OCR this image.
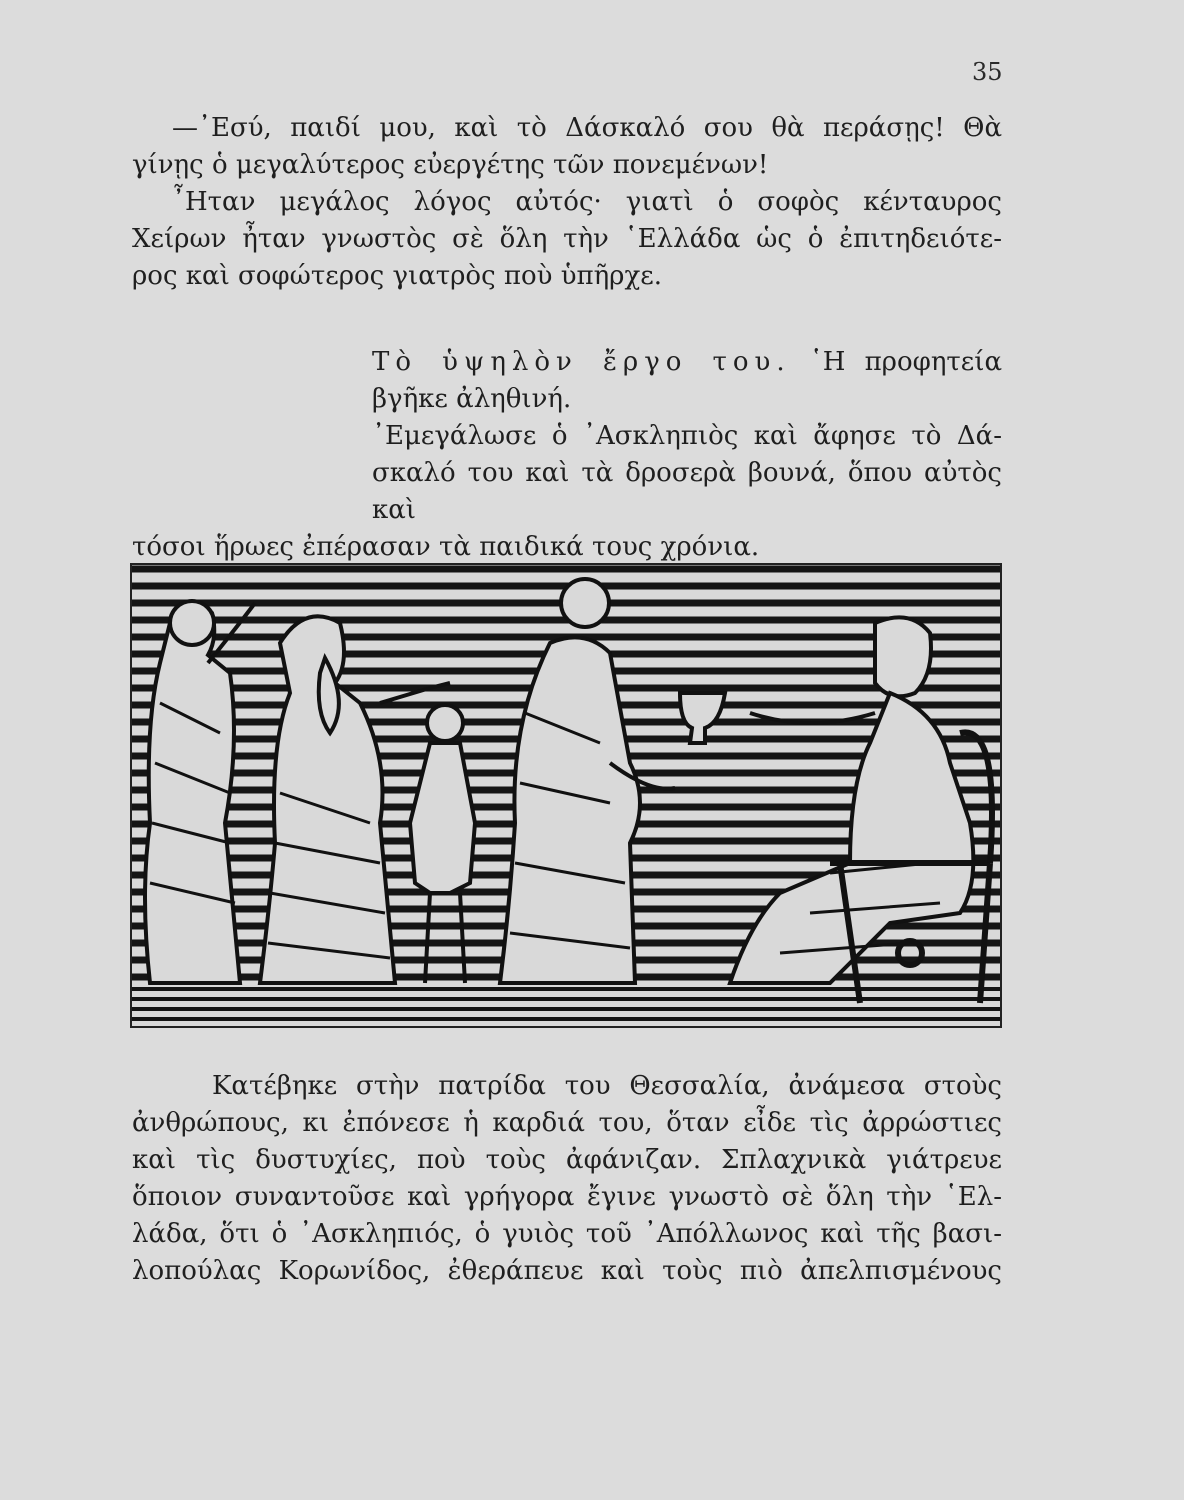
35
—᾿Εσύ, παιδί μου, καὶ τὸ Δάσκαλό σου θὰ περάσῃς! Θὰ
γίνῃς ὁ μεγαλύτερος εὐεργέτης τῶν πονεμένων!
῏Ηταν μεγάλος λόγος αὐτός· γιατὶ ὁ σοφὸς κένταυρος
Χείρων ἦταν γνωστὸς σὲ ὅλη τὴν ῾Ελλάδα ὡς ὁ ἐπιτηδειότε-
ρος καὶ σοφώτερος γιατρὸς ποὺ ὑπῆρχε.
Τὸ ὑψηλὸν ἔργο του. ῾Η προφητεία
βγῆκε ἀληθινή.
᾿Εμεγάλωσε ὁ ᾿Ασκληπιὸς καὶ ἄφησε τὸ Δά-
σκαλό του καὶ τὰ δροσερὰ βουνά, ὅπου αὐτὸς καὶ
τόσοι ἥρωες ἐπέρασαν τὰ παιδικά τους χρόνια.
Κατέβηκε στὴν πατρίδα του Θεσσαλία, ἀνάμεσα στοὺς
ἀνθρώπους, κι ἐπόνεσε ἡ καρδιά του, ὅταν εἶδε τὶς ἀρρώστιες
καὶ τὶς δυστυχίες, ποὺ τοὺς ἀφάνιζαν. Σπλαχνικὰ γιάτρευε
ὅποιον συναντοῦσε καὶ γρήγορα ἔγινε γνωστὸ σὲ ὅλη τὴν ῾Ελ-
λάδα, ὅτι ὁ ᾿Ασκληπιός, ὁ γυιὸς τοῦ ᾿Απόλλωνος καὶ τῆς βασι-
λοπούλας Κορωνίδος, ἐθεράπευε καὶ τοὺς πιὸ ἀπελπισμένους
